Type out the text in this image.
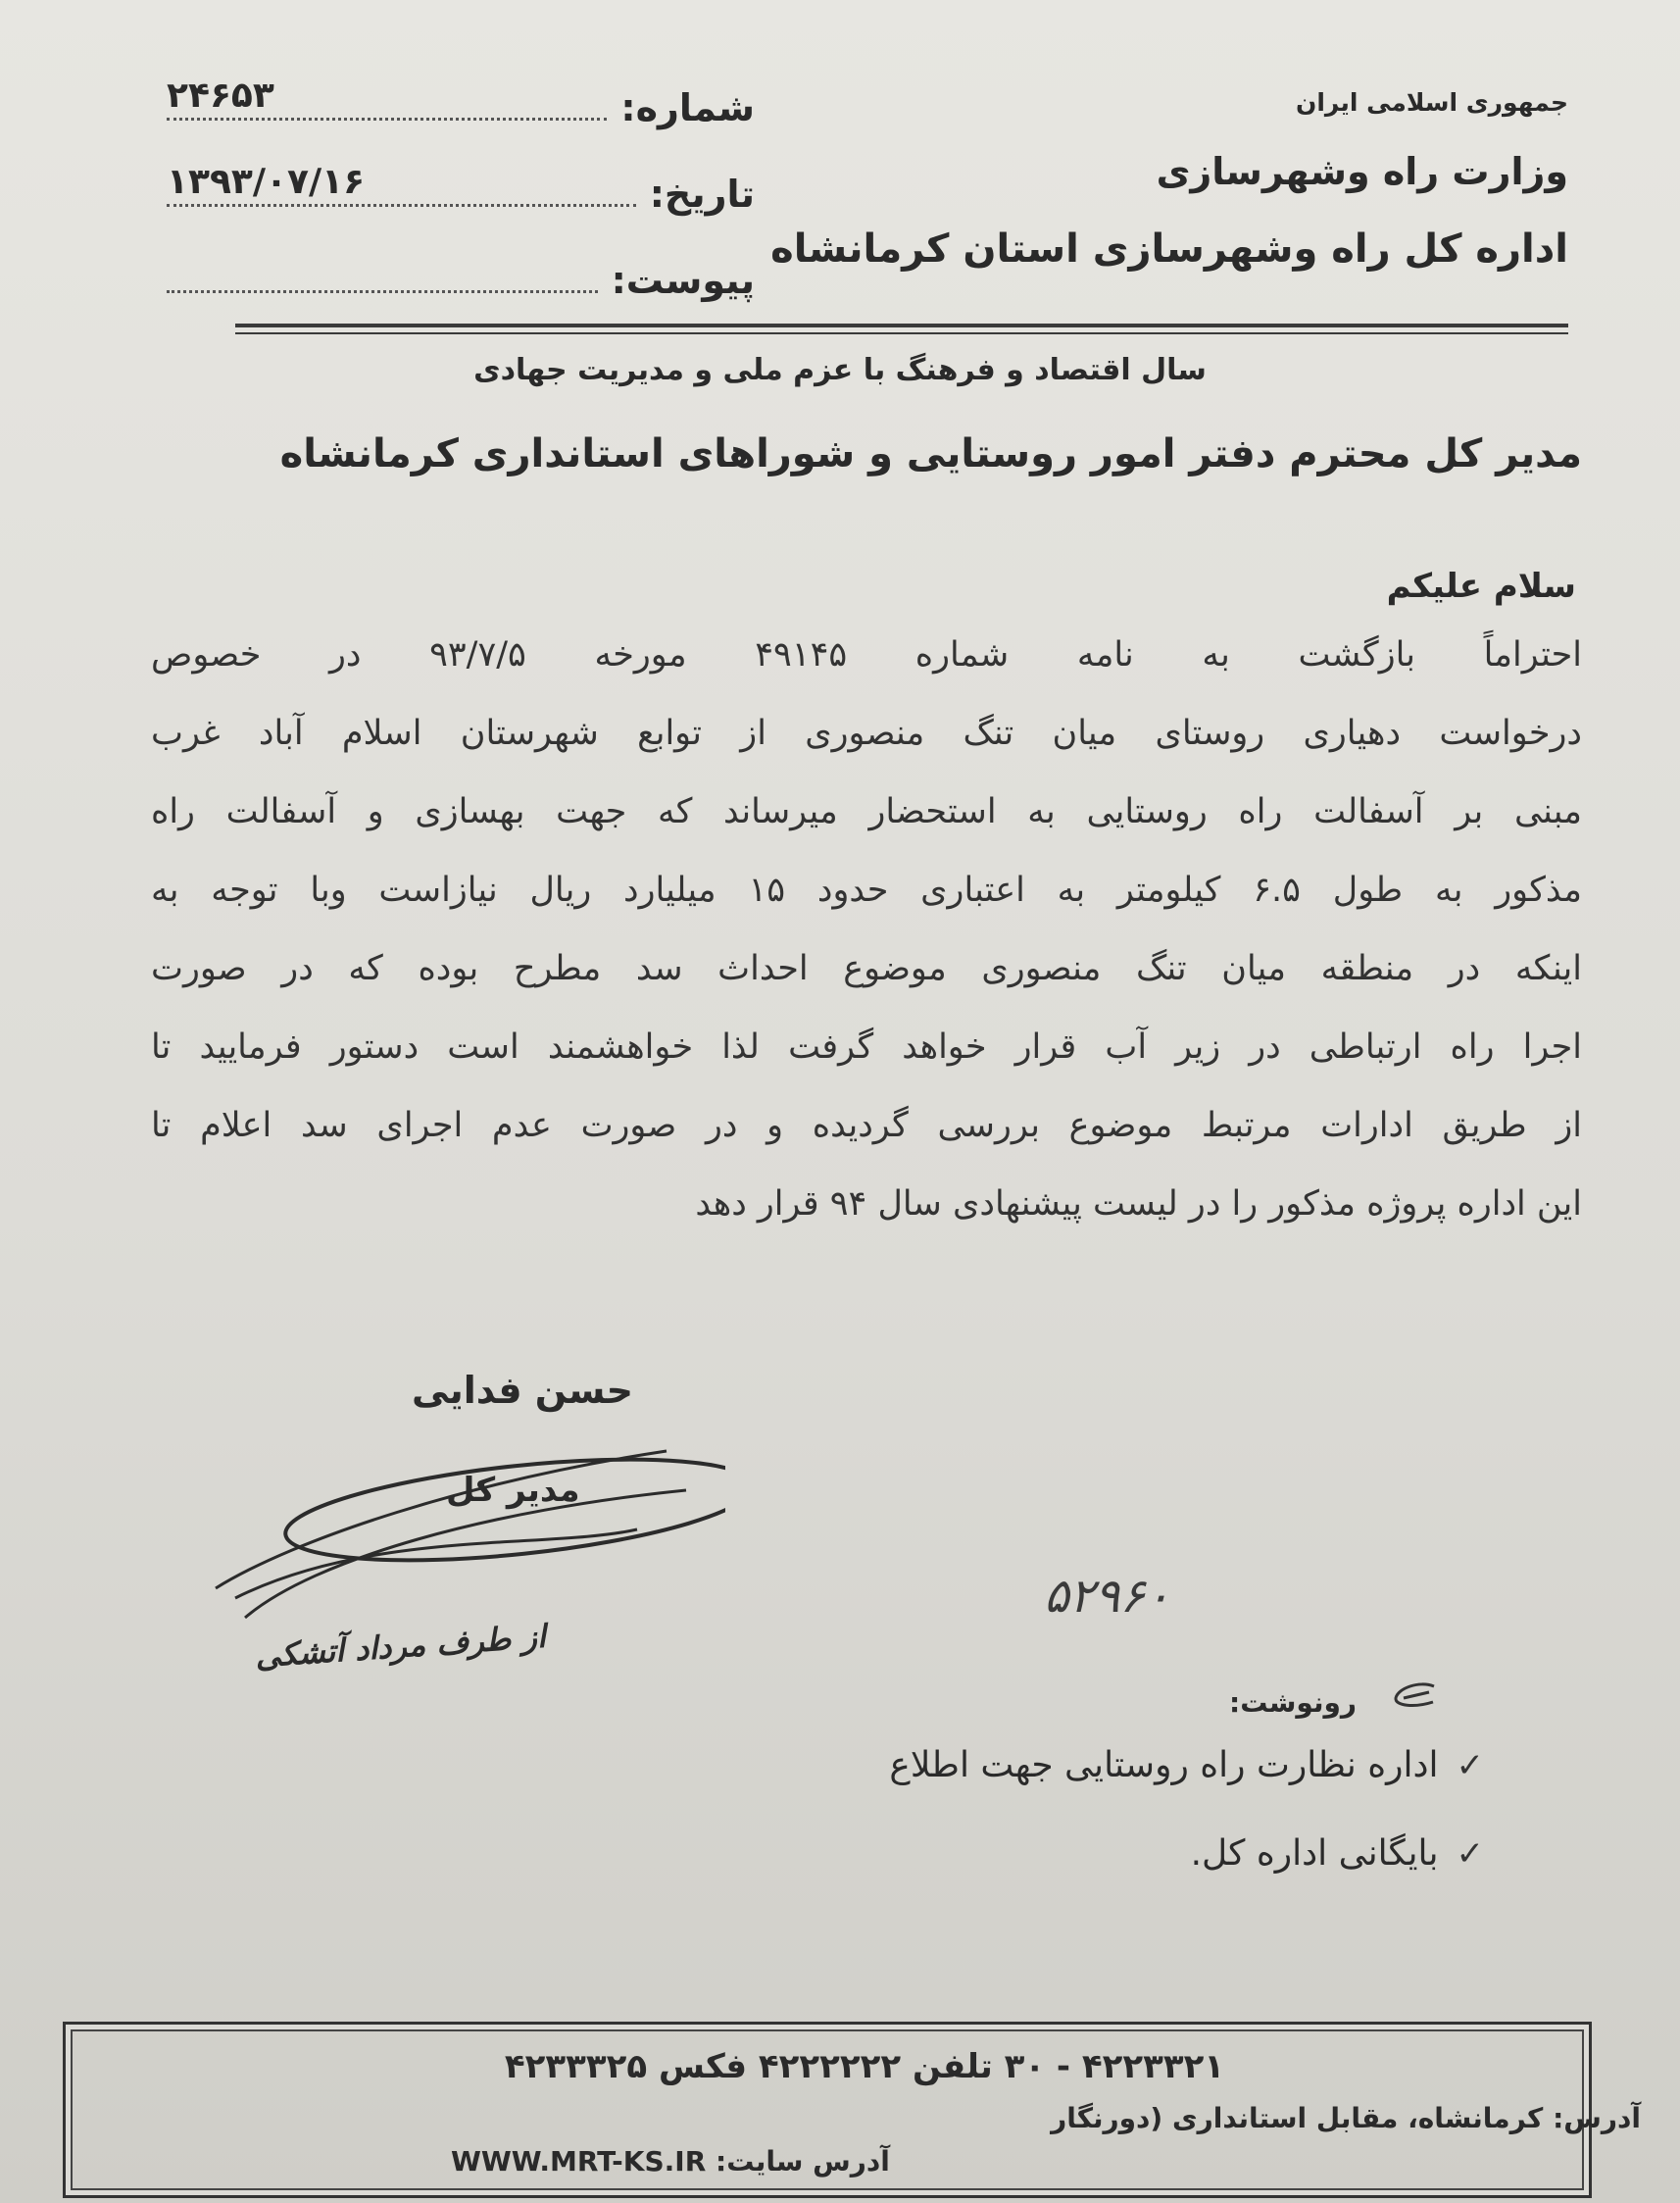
جمهوری اسلامی ایران
وزارت راه وشهرسازی
اداره کل راه وشهرسازی استان کرمانشاه
شماره:
۲۴۶۵۳
تاریخ:
۱۳۹۳/۰۷/۱۶
پیوست:
سال اقتصاد و فرهنگ با عزم ملی و مدیریت جهادی
مدیر کل محترم دفتر امور روستایی و شوراهای استانداری کرمانشاه
سلام علیکم
احتراماً بازگشت به نامه شماره ۴۹۱۴۵ مورخه ۹۳/۷/۵ در خصوص
درخواست دهیاری روستای میان تنگ منصوری از توابع شهرستان اسلام آباد غرب
مبنی بر آسفالت راه روستایی به استحضار میرساند که جهت بهسازی و آسفالت راه
مذکور به طول ۶.۵ کیلومتر به اعتباری حدود ۱۵ میلیارد ریال نیازاست وبا توجه به
اینکه در منطقه میان تنگ منصوری موضوع احداث سد مطرح بوده که در صورت
اجرا راه ارتباطی در زیر آب قرار خواهد گرفت لذا خواهشمند است دستور فرمایید تا
از طریق ادارات مرتبط موضوع بررسی گردیده و در صورت عدم اجرای سد اعلام تا
این اداره پروژه مذکور را در لیست پیشنهادی سال ۹۴ قرار دهد
حسن فدایی
مدیر کل
از طرف مرداد آتشکی
۵۲۹۶۰
رونوشت:
✓
اداره نظارت راه روستایی جهت اطلاع
✓
بایگانی اداره کل.
۴۲۲۳۳۲۱ - ۳۰ تلفن ۴۲۲۲۲۲۲ فکس ۴۲۳۳۳۲۵
آدرس: کرمانشاه، مقابل استانداری (دورنگار
آدرس سایت: WWW.MRT-KS.IR
